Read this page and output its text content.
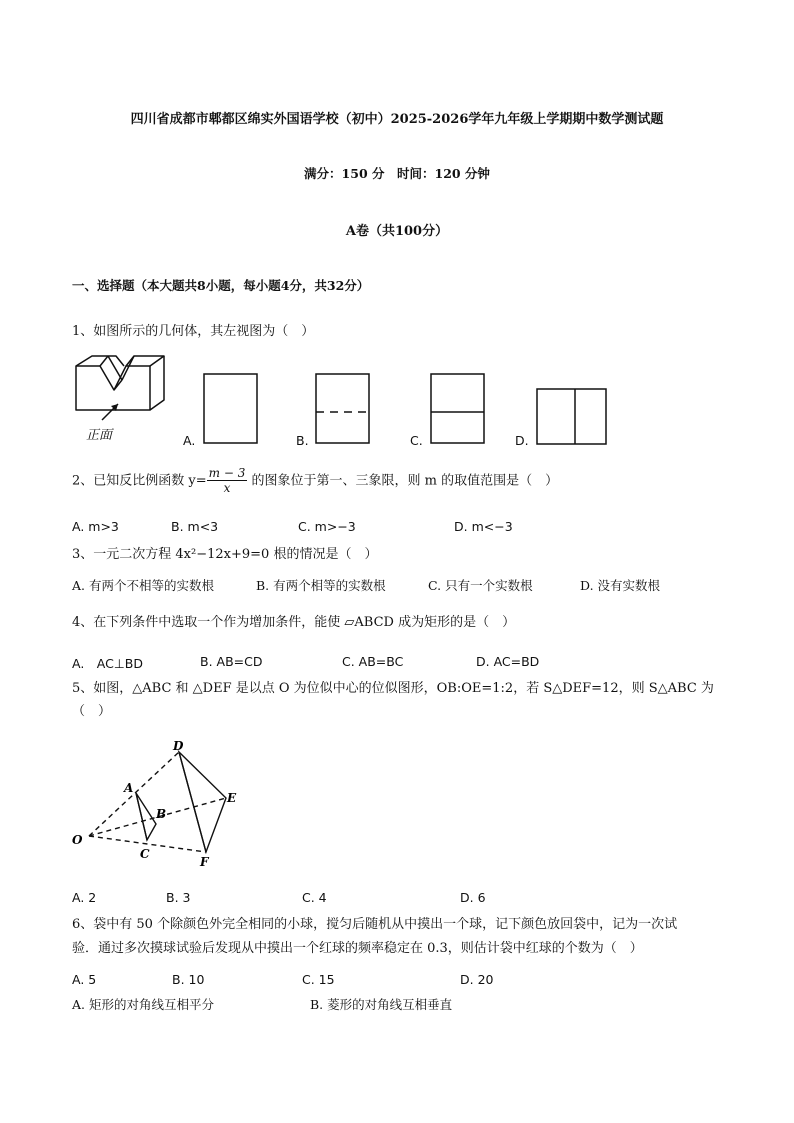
四川省成都市郫都区绵实外国语学校（初中）2025-2026学年九年级上学期期中数学测试题
满分：150 分　时间：120 分钟
A卷（共100分）
一、选择题（本大题共8小题，每小题4分，共32分）
1、如图所示的几何体，其左视图为（　）
正面	A.	B.	C.	D.
2、已知反比例函数 $y= \frac{m - 3}{x}$ 的图象位于第一、三象限，则 m 的取值范围是（　）
A. m>3	B. m<3	C. m>−3	D. m<−3
3、一元二次方程 4x²−12x+9=0 根的情况是（　）
A. 有两个不相等的实数根	B. 有两个相等的实数根	C. 只有一个实数根	D. 没有实数根
4、在下列条件中选取一个作为增加条件，能使 ▱ABCD 成为矩形的是（　）
A.　AC⊥BD	B. AB=CD	C. AB=BC	D. AC=BD
5、如图，△ABC 和 △DEF 是以点 O 为位似中心的位似图形，OB:OE=1:2，若 S△DEF=12，则 S△ABC 为
（　）
O
A
B
C
D
E
F
A. 2	B. 3	C. 4	D. 6
6、袋中有 50 个除颜色外完全相同的小球，搅匀后随机从中摸出一个球，记下颜色放回袋中，记为一次试
验．通过多次摸球试验后发现从中摸出一个红球的频率稳定在 0.3，则估计袋中红球的个数为（　）
A. 5	B. 10	C. 15	D. 20
A. 矩形的对角线互相平分	B. 菱形的对角线互相垂直
